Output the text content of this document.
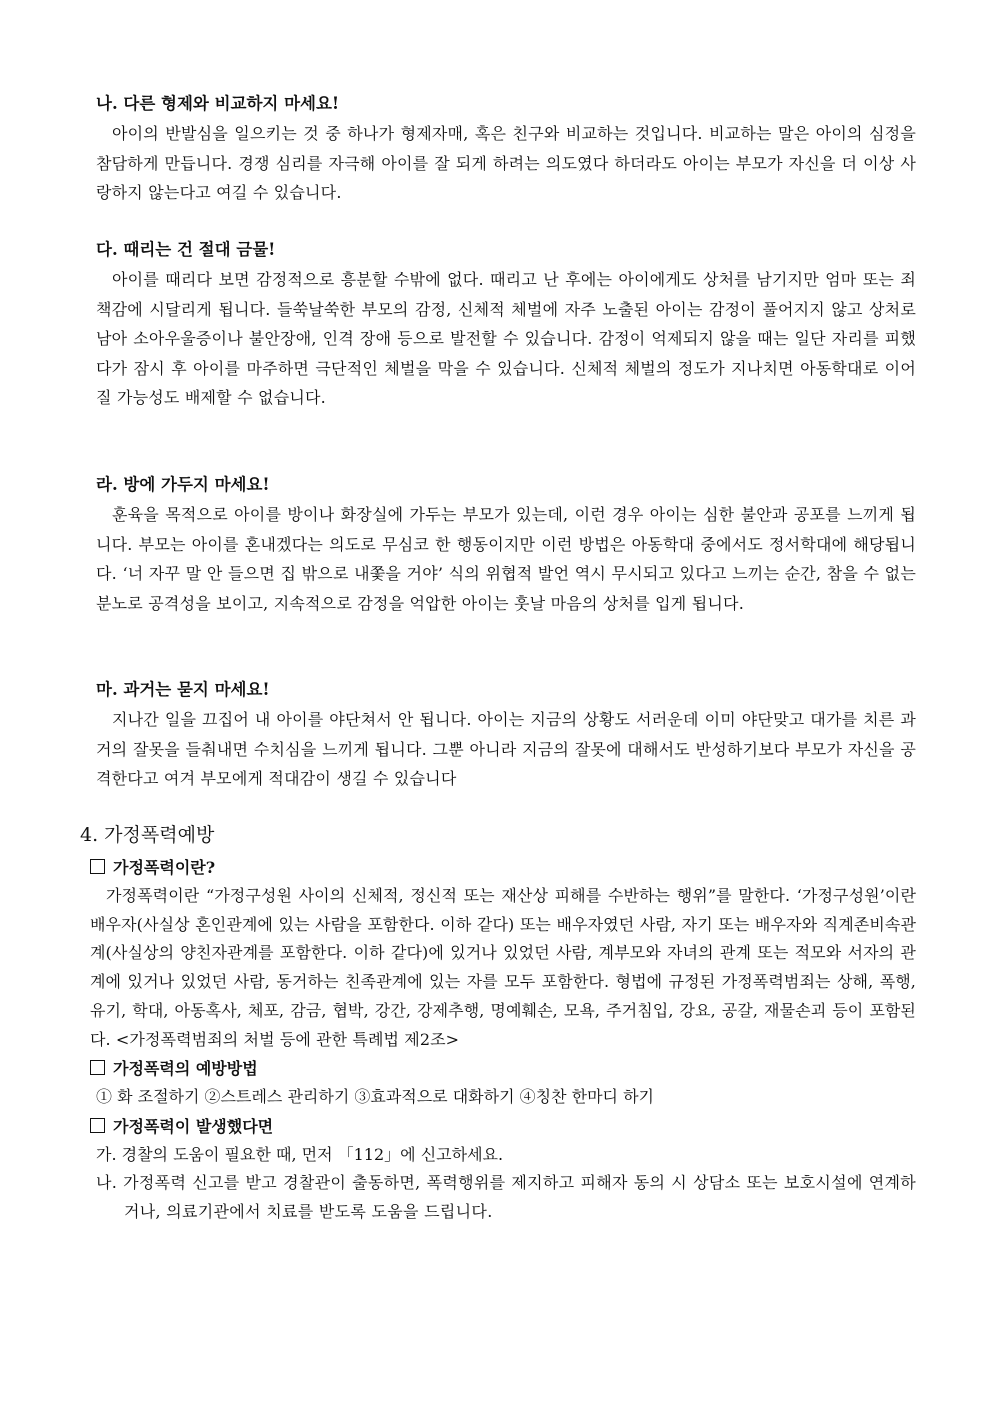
나. 다른 형제와 비교하지 마세요!

아이의 반발심을 일으키는 것 중 하나가 형제자매, 혹은 친구와 비교하는 것입니다. 비교하는 말은 아이의 심정을 참담하게 만듭니다. 경쟁 심리를 자극해 아이를 잘 되게 하려는 의도였다 하더라도 아이는 부모가 자신을 더 이상 사랑하지 않는다고 여길 수 있습니다.

다. 때리는 건 절대 금물!

아이를 때리다 보면 감정적으로 흥분할 수밖에 없다. 때리고 난 후에는 아이에게도 상처를 남기지만 엄마 또는 죄책감에 시달리게 됩니다. 들쑥날쑥한 부모의 감정, 신체적 체벌에 자주 노출된 아이는 감정이 풀어지지 않고 상처로 남아 소아우울증이나 불안장애, 인격 장애 등으로 발전할 수 있습니다. 감정이 억제되지 않을 때는 일단 자리를 피했다가 잠시 후 아이를 마주하면 극단적인 체벌을 막을 수 있습니다. 신체적 체벌의 정도가 지나치면 아동학대로 이어질 가능성도 배제할 수 없습니다.

라. 방에 가두지 마세요!

훈육을 목적으로 아이를 방이나 화장실에 가두는 부모가 있는데, 이런 경우 아이는 심한 불안과 공포를 느끼게 됩니다. 부모는 아이를 혼내겠다는 의도로 무심코 한 행동이지만 이런 방법은 아동학대 중에서도 정서학대에 해당됩니다. ‘너 자꾸 말 안 들으면 집 밖으로 내쫓을 거야’ 식의 위협적 발언 역시 무시되고 있다고 느끼는 순간, 참을 수 없는 분노로 공격성을 보이고, 지속적으로 감정을 억압한 아이는 훗날 마음의 상처를 입게 됩니다.

마. 과거는 묻지 마세요!

지나간 일을 끄집어 내 아이를 야단쳐서 안 됩니다. 아이는 지금의 상황도 서러운데 이미 야단맞고 대가를 치른 과거의 잘못을 들춰내면 수치심을 느끼게 됩니다. 그뿐 아니라 지금의 잘못에 대해서도 반성하기보다 부모가 자신을 공격한다고 여겨 부모에게 적대감이 생길 수 있습니다

4. 가정폭력예방

가정폭력이란?

가정폭력이란 “가정구성원 사이의 신체적, 정신적 또는 재산상 피해를 수반하는 행위”를 말한다. ‘가정구성원’이란 배우자(사실상 혼인관계에 있는 사람을 포함한다. 이하 같다) 또는 배우자였던 사람, 자기 또는 배우자와 직계존비속관계(사실상의 양친자관계를 포함한다. 이하 같다)에 있거나 있었던 사람, 계부모와 자녀의 관계 또는 적모와 서자의 관계에 있거나 있었던 사람, 동거하는 친족관계에 있는 자를 모두 포함한다. 형법에 규정된 가정폭력범죄는 상해, 폭행, 유기, 학대, 아동혹사, 체포, 감금, 협박, 강간, 강제추행, 명예훼손, 모욕, 주거침입, 강요, 공갈, 재물손괴 등이 포함된다. <가정폭력범죄의 처벌 등에 관한 특례법 제2조>

가정폭력의 예방방법

① 화 조절하기 ②스트레스 관리하기 ③효과적으로 대화하기 ④칭찬 한마디 하기

가정폭력이 발생했다면

가. 경찰의 도움이 필요한 때, 먼저 「112」에 신고하세요.

나. 가정폭력 신고를 받고 경찰관이 출동하면, 폭력행위를 제지하고 피해자 동의 시 상담소 또는 보호시설에 연계하거나, 의료기관에서 치료를 받도록 도움을 드립니다.
